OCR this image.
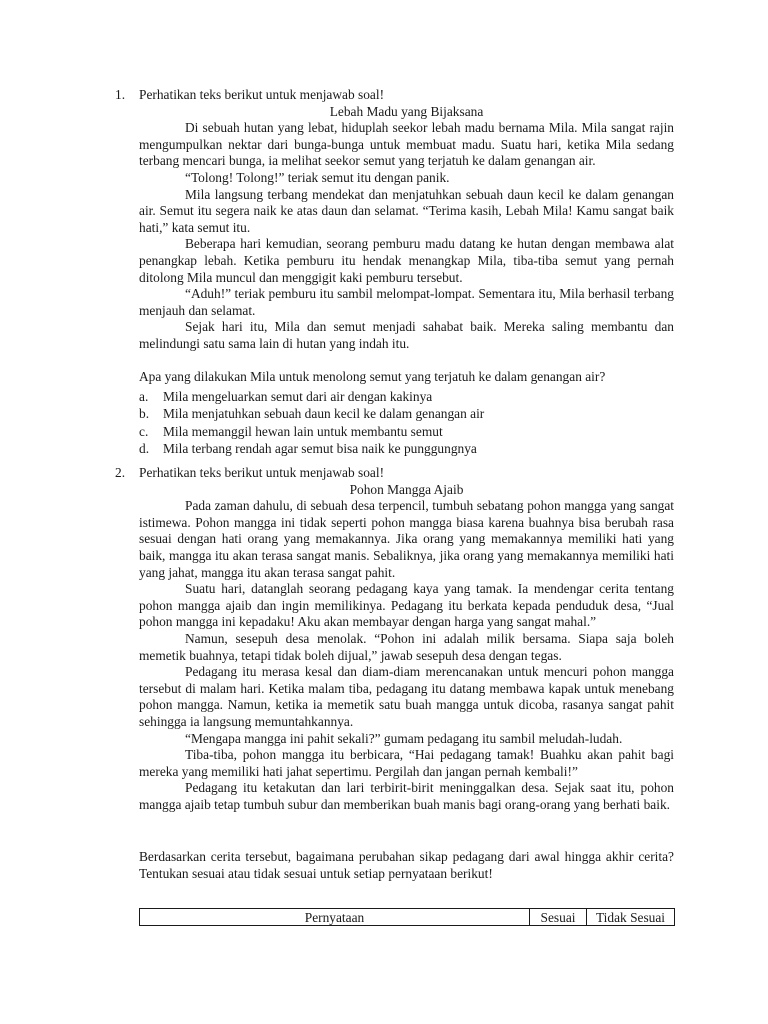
1. Perhatikan teks berikut untuk menjawab soal!
Lebah Madu yang Bijaksana
Di sebuah hutan yang lebat, hiduplah seekor lebah madu bernama Mila. Mila sangat rajin mengumpulkan nektar dari bunga-bunga untuk membuat madu. Suatu hari, ketika Mila sedang terbang mencari bunga, ia melihat seekor semut yang terjatuh ke dalam genangan air.
“Tolong! Tolong!” teriak semut itu dengan panik.
Mila langsung terbang mendekat dan menjatuhkan sebuah daun kecil ke dalam genangan air. Semut itu segera naik ke atas daun dan selamat. “Terima kasih, Lebah Mila! Kamu sangat baik hati,” kata semut itu.
Beberapa hari kemudian, seorang pemburu madu datang ke hutan dengan membawa alat penangkap lebah. Ketika pemburu itu hendak menangkap Mila, tiba-tiba semut yang pernah ditolong Mila muncul dan menggigit kaki pemburu tersebut.
“Aduh!” teriak pemburu itu sambil melompat-lompat. Sementara itu, Mila berhasil terbang menjauh dan selamat.
Sejak hari itu, Mila dan semut menjadi sahabat baik. Mereka saling membantu dan melindungi satu sama lain di hutan yang indah itu.
Apa yang dilakukan Mila untuk menolong semut yang terjatuh ke dalam genangan air?
a. Mila mengeluarkan semut dari air dengan kakinya
b. Mila menjatuhkan sebuah daun kecil ke dalam genangan air
c. Mila memanggil hewan lain untuk membantu semut
d. Mila terbang rendah agar semut bisa naik ke punggungnya
2. Perhatikan teks berikut untuk menjawab soal!
Pohon Mangga Ajaib
Pada zaman dahulu, di sebuah desa terpencil, tumbuh sebatang pohon mangga yang sangat istimewa. Pohon mangga ini tidak seperti pohon mangga biasa karena buahnya bisa berubah rasa sesuai dengan hati orang yang memakannya. Jika orang yang memakannya memiliki hati yang baik, mangga itu akan terasa sangat manis. Sebaliknya, jika orang yang memakannya memiliki hati yang jahat, mangga itu akan terasa sangat pahit.
Suatu hari, datanglah seorang pedagang kaya yang tamak. Ia mendengar cerita tentang pohon mangga ajaib dan ingin memilikinya. Pedagang itu berkata kepada penduduk desa, “Jual pohon mangga ini kepadaku! Aku akan membayar dengan harga yang sangat mahal.”
Namun, sesepuh desa menolak. “Pohon ini adalah milik bersama. Siapa saja boleh memetik buahnya, tetapi tidak boleh dijual,” jawab sesepuh desa dengan tegas.
Pedagang itu merasa kesal dan diam-diam merencanakan untuk mencuri pohon mangga tersebut di malam hari. Ketika malam tiba, pedagang itu datang membawa kapak untuk menebang pohon mangga. Namun, ketika ia memetik satu buah mangga untuk dicoba, rasanya sangat pahit sehingga ia langsung memuntahkannya.
“Mengapa mangga ini pahit sekali?” gumam pedagang itu sambil meludah-ludah.
Tiba-tiba, pohon mangga itu berbicara, “Hai pedagang tamak! Buahku akan pahit bagi mereka yang memiliki hati jahat sepertimu. Pergilah dan jangan pernah kembali!”
Pedagang itu ketakutan dan lari terbirit-birit meninggalkan desa. Sejak saat itu, pohon mangga ajaib tetap tumbuh subur dan memberikan buah manis bagi orang-orang yang berhati baik.
Berdasarkan cerita tersebut, bagaimana perubahan sikap pedagang dari awal hingga akhir cerita? Tentukan sesuai atau tidak sesuai untuk setiap pernyataan berikut!
Pernyataan	Sesuai	Tidak Sesuai
